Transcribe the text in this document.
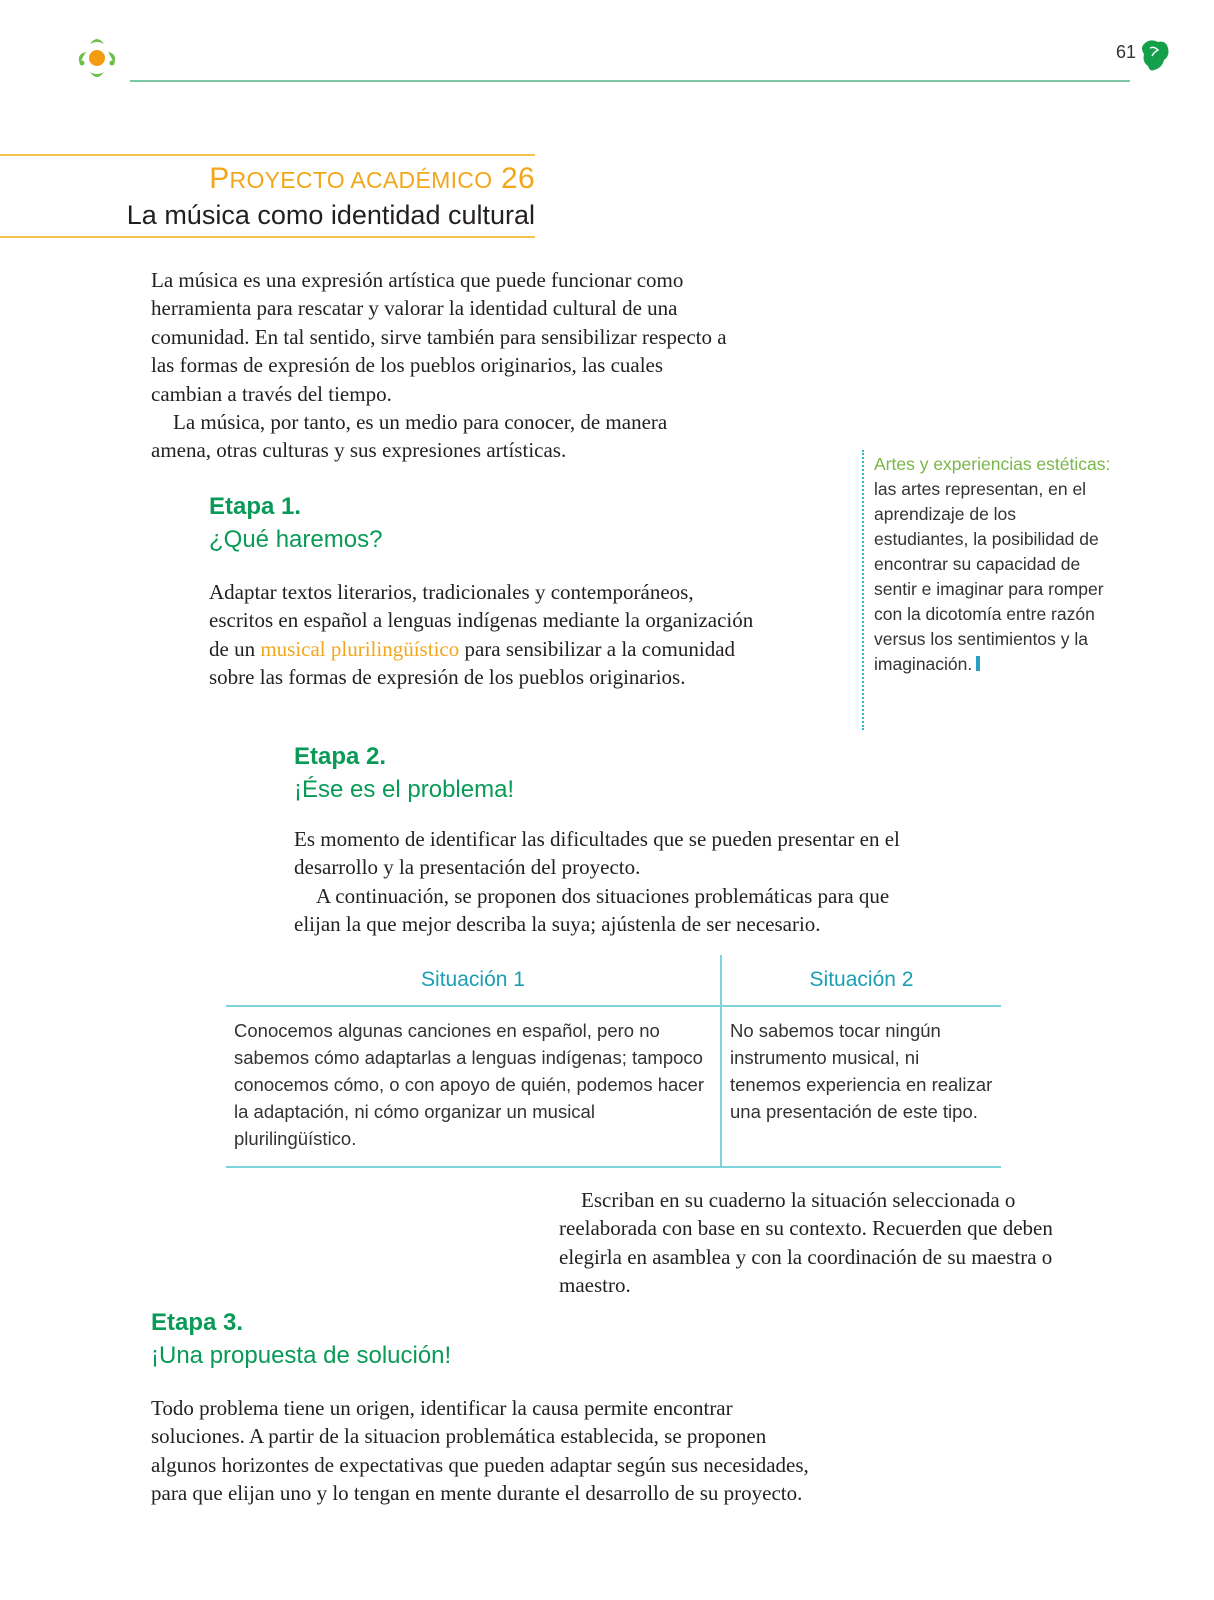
61
PROYECTO ACADÉMICO 26
La música como identidad cultural

La música es una expresión artística que puede funcionar como herramienta para rescatar y valorar la identidad cultural de una comunidad. En tal sentido, sirve también para sensibilizar respecto a las formas de expresión de los pueblos originarios, las cuales cambian a través del tiempo.

La música, por tanto, es un medio para conocer, de manera amena, otras culturas y sus expresiones artísticas.

Artes y experiencias estéticas: las artes representan, en el aprendizaje de los estudiantes, la posibilidad de encontrar su capacidad de sentir e imaginar para romper con la dicotomía entre razón versus los sentimientos y la imaginación.
Etapa 1.
¿Qué haremos?

Adaptar textos literarios, tradicionales y contemporáneos, escritos en español a lenguas indígenas mediante la organización de un musical plurilingüístico para sensibilizar a la comunidad sobre las formas de expresión de los pueblos originarios.

Etapa 2.
¡Ése es el problema!

Es momento de identificar las dificultades que se pueden presentar en el desarrollo y la presentación del proyecto.

A continuación, se proponen dos situaciones problemáticas para que elijan la que mejor describa la suya; ajústenla de ser necesario.

Situación 1	Situación 2
Conocemos algunas canciones en español, pero no sabemos cómo adaptarlas a lenguas indígenas; tampoco conocemos cómo, o con apoyo de quién, podemos hacer la adaptación, ni cómo organizar un musical plurilingüístico.	No sabemos tocar ningún instrumento musical, ni tenemos experiencia en realizar una presentación de este tipo.

Escriban en su cuaderno la situación seleccionada o reelaborada con base en su contexto. Recuerden que deben elegirla en asamblea y con la coordinación de su maestra o maestro.

Etapa 3.
¡Una propuesta de solución!

Todo problema tiene un origen, identificar la causa permite encontrar soluciones. A partir de la situacion problemática establecida, se proponen algunos horizontes de expectativas que pueden adaptar según sus necesidades, para que elijan uno y lo tengan en mente durante el desarrollo de su proyecto.
